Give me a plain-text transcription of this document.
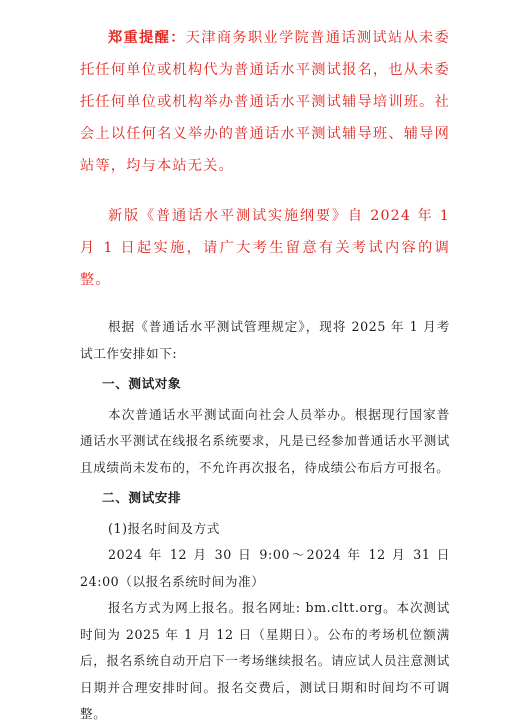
郑重提醒：天津商务职业学院普通话测试站从未委托任何单位或机构代为普通话水平测试报名，也从未委托任何单位或机构举办普通话水平测试辅导培训班。社会上以任何名义举办的普通话水平测试辅导班、辅导网站等，均与本站无关。

新版《普通话水平测试实施纲要》自 2024 年 1 月 1 日起实施，请广大考生留意有关考试内容的调整。

根据《普通话水平测试管理规定》，现将 2025 年 1 月考试工作安排如下:

一、测试对象

本次普通话水平测试面向社会人员举办。根据现行国家普通话水平测试在线报名系统要求，凡是已经参加普通话水平测试且成绩尚未发布的，不允许再次报名，待成绩公布后方可报名。

二、测试安排

(1)报名时间及方式

2024 年 12 月 30 日 9:00～2024 年 12 月 31 日 24:00（以报名系统时间为准）

报名方式为网上报名。报名网址: bm.cltt.org。本次测试时间为 2025 年 1 月 12 日（星期日）。公布的考场机位额满后，报名系统自动开启下一考场继续报名。请应试人员注意测试日期并合理安排时间。报名交费后，测试日期和时间均不可调整。
